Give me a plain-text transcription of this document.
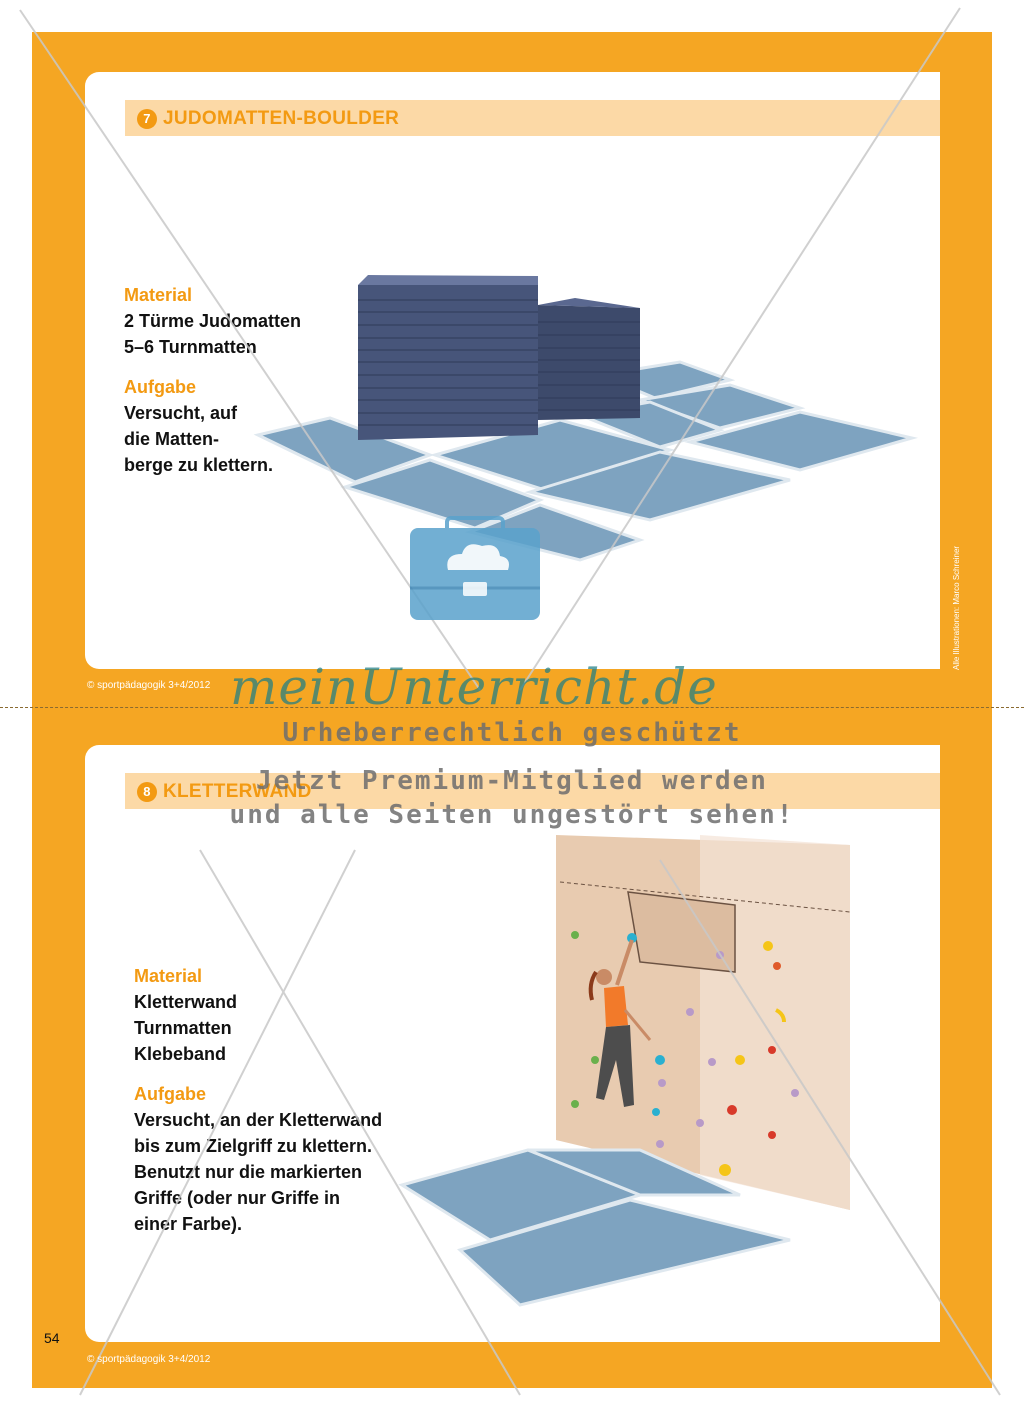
7 JUDOMATTEN-BOULDER
Material
2 Türme Judomatten
5–6 Turnmatten
Aufgabe
Versucht, auf
die Matten-
berge zu klettern.
8 KLETTERWAND
Material
Kletterwand
Turnmatten
Klebeband
Aufgabe
Versucht, an der Kletterwand
bis zum Zielgriff zu klettern.
Benutzt nur die markierten
Griffe (oder nur Griffe in
einer Farbe).
© sportpädagogik 3+4/2012
© sportpädagogik 3+4/2012
Alle Illustrationen: Marco Schreiner
54
meinUnterricht.de
Urheberrechtlich geschützt
Jetzt Premium-Mitglied werden
und alle Seiten ungestört sehen!
